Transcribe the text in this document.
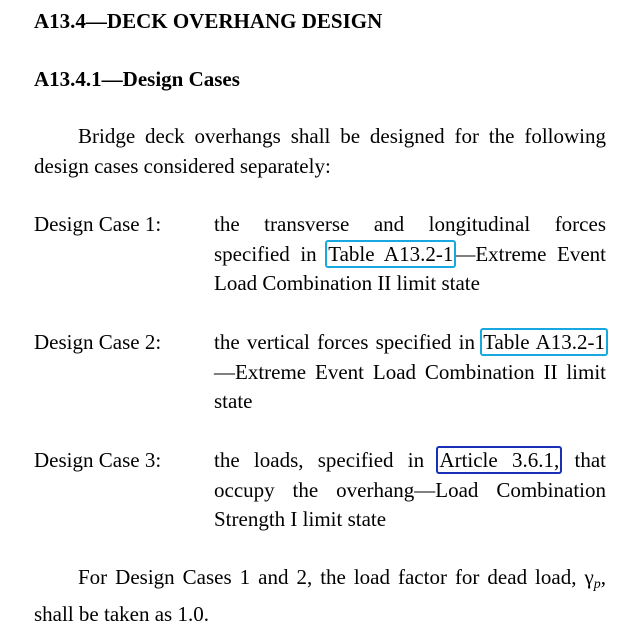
A13.4—DECK OVERHANG DESIGN
A13.4.1—Design Cases

Bridge deck overhangs shall be designed for the following design cases considered separately:

Design Case 1:	the transverse and longitudinal forces specified in Table A13.2-1—Extreme Event Load Combination II limit state
Design Case 2:	the vertical forces specified in Table A13.2-1—Extreme Event Load Combination II limit state
Design Case 3:	the loads, specified in Article 3.6.1, that occupy the overhang—Load Combination Strength I limit state

For Design Cases 1 and 2, the load factor for dead load, γp, shall be taken as 1.0.
